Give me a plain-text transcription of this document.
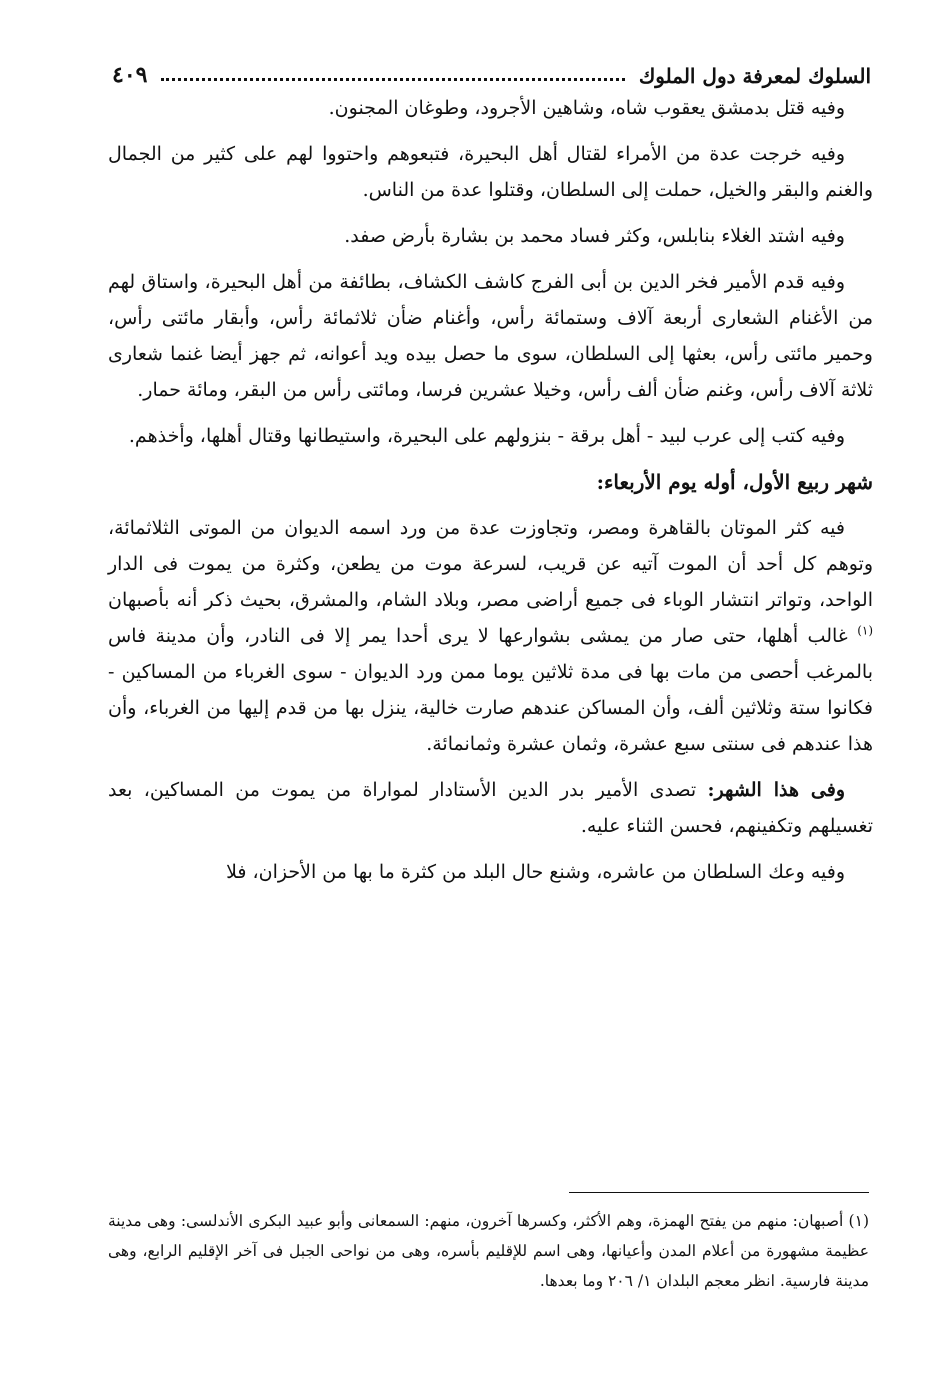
السلوك لمعرفة دول الملوك
٤٠٩

وفيه قتل بدمشق يعقوب شاه، وشاهين الأجرود، وطوغان المجنون.

وفيه خرجت عدة من الأمراء لقتال أهل البحيرة، فتبعوهم واحتووا لهم على كثير من الجمال والغنم والبقر والخيل، حملت إلى السلطان، وقتلوا عدة من الناس.

وفيه اشتد الغلاء بنابلس، وكثر فساد محمد بن بشارة بأرض صفد.

وفيه قدم الأمير فخر الدين بن أبى الفرج كاشف الكشاف، بطائفة من أهل البحيرة، واستاق لهم من الأغنام الشعارى أربعة آلاف وستمائة رأس، وأغنام ضأن ثلاثمائة رأس، وأبقار مائتى رأس، وحمير مائتى رأس، بعثها إلى السلطان، سوى ما حصل بيده ويد أعوانه، ثم جهز أيضا غنما شعارى ثلاثة آلاف رأس، وغنم ضأن ألف رأس، وخيلا عشرين فرسا، ومائتى رأس من البقر، ومائة حمار.

وفيه كتب إلى عرب لبيد - أهل برقة - بنزولهم على البحيرة، واستيطانها وقتال أهلها، وأخذهم.

شهر ربيع الأول، أوله يوم الأربعاء:

فيه كثر الموتان بالقاهرة ومصر، وتجاوزت عدة من ورد اسمه الديوان من الموتى الثلاثمائة، وتوهم كل أحد أن الموت آتيه عن قريب، لسرعة موت من يطعن، وكثرة من يموت فى الدار الواحد، وتواتر انتشار الوباء فى جميع أراضى مصر، وبلاد الشام، والمشرق، بحيث ذكر أنه بأصبهان $^{(١)}$ غالب أهلها، حتى صار من يمشى بشوارعها لا يرى أحدا يمر إلا فى النادر، وأن مدينة فاس بالمرغب أحصى من مات بها فى مدة ثلاثين يوما ممن ورد الديوان - سوى الغرباء من المساكين - فكانوا ستة وثلاثين ألف، وأن المساكن عندهم صارت خالية، ينزل بها من قدم إليها من الغرباء، وأن هذا عندهم فى سنتى سبع عشرة، وثمان عشرة وثمانمائة.

وفى هذا الشهر: تصدى الأمير بدر الدين الأستادار لمواراة من يموت من المساكين، بعد تغسيلهم وتكفينهم، فحسن الثناء عليه.

وفيه وعك السلطان من عاشره، وشنع حال البلد من كثرة ما بها من الأحزان، فلا

(١) أصبهان: منهم من يفتح الهمزة، وهم الأكثر، وكسرها آخرون، منهم: السمعانى وأبو عبيد البكرى الأندلسى: وهى مدينة عظيمة مشهورة من أعلام المدن وأعيانها، وهى اسم للإقليم بأسره، وهى من نواحى الجبل فى آخر الإقليم الرابع، وهى مدينة فارسية. انظر معجم البلدان ١/ ٢٠٦ وما بعدها.
